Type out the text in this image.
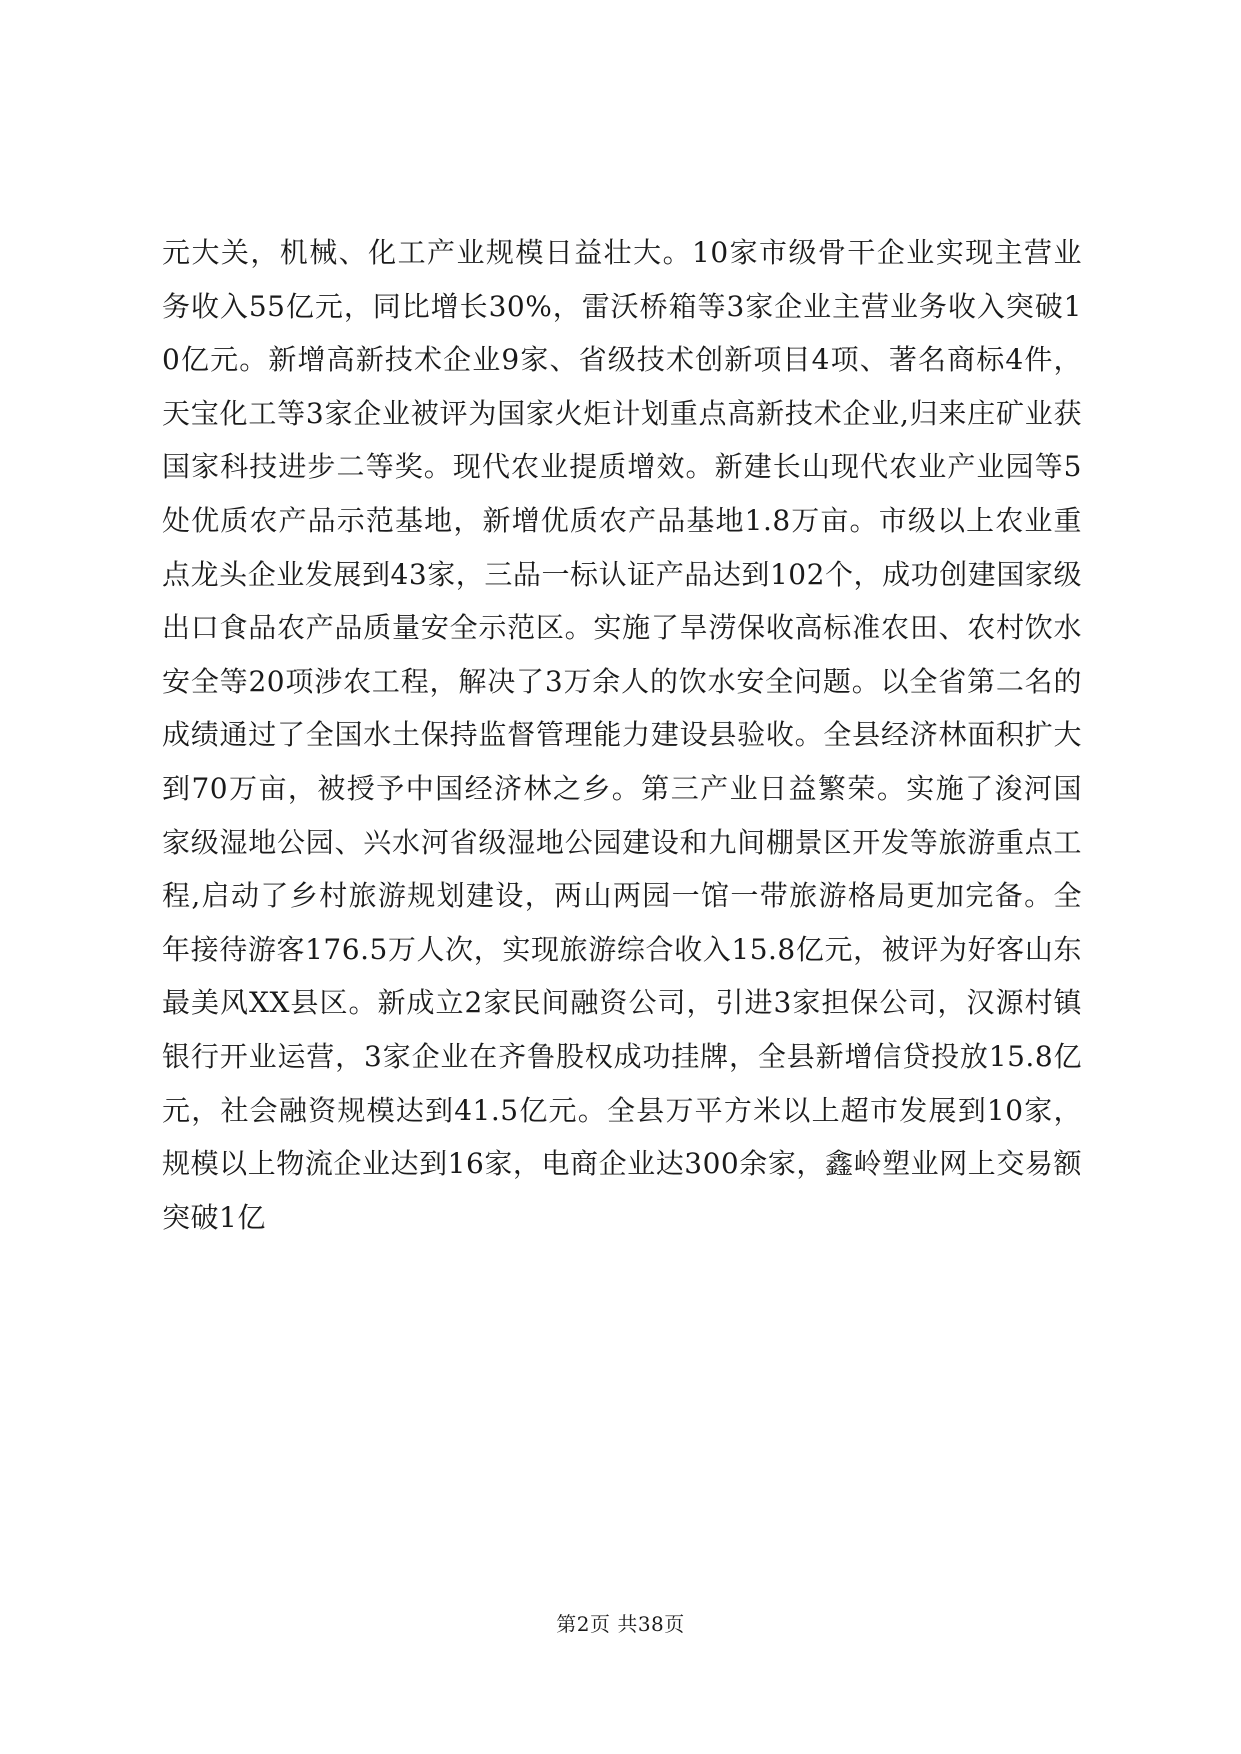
元大关，机械、化工产业规模日益壮大。10家市级骨干企业实现主营业务收入55亿元，同比增长30%，雷沃桥箱等3家企业主营业务收入突破10亿元。新增高新技术企业9家、省级技术创新项目4项、著名商标4件，天宝化工等3家企业被评为国家火炬计划重点高新技术企业,归来庄矿业获国家科技进步二等奖。现代农业提质增效。新建长山现代农业产业园等5处优质农产品示范基地，新增优质农产品基地1.8万亩。市级以上农业重点龙头企业发展到43家，三品一标认证产品达到102个，成功创建国家级出口食品农产品质量安全示范区。实施了旱涝保收高标准农田、农村饮水安全等20项涉农工程，解决了3万余人的饮水安全问题。以全省第二名的成绩通过了全国水土保持监督管理能力建设县验收。全县经济林面积扩大到70万亩，被授予中国经济林之乡。第三产业日益繁荣。实施了浚河国家级湿地公园、兴水河省级湿地公园建设和九间棚景区开发等旅游重点工程,启动了乡村旅游规划建设，两山两园一馆一带旅游格局更加完备。全年接待游客176.5万人次，实现旅游综合收入15.8亿元，被评为好客山东最美风XX县区。新成立2家民间融资公司，引进3家担保公司，汉源村镇银行开业运营，3家企业在齐鲁股权成功挂牌，全县新增信贷投放15.8亿元，社会融资规模达到41.5亿元。全县万平方米以上超市发展到10家，规模以上物流企业达到16家，电商企业达300余家，鑫岭塑业网上交易额突破1亿

第2页 共38页
